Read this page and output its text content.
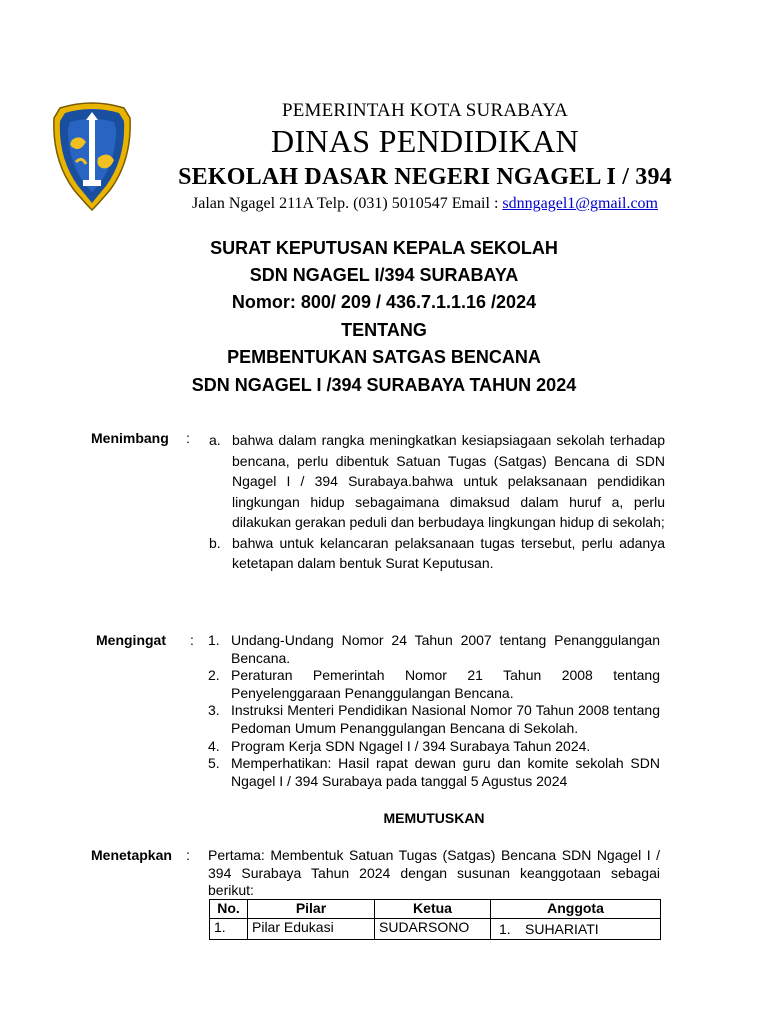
PEMERINTAH KOTA SURABAYA
DINAS PENDIDIKAN
SEKOLAH DASAR NEGERI NGAGEL I / 394
Jalan Ngagel 211A Telp. (031) 5010547 Email : sdnngagel1@gmail.com
SURAT KEPUTUSAN KEPALA SEKOLAH
SDN NGAGEL I/394 SURABAYA
Nomor: 800/ 209 / 436.7.1.1.16 /2024
TENTANG
PEMBENTUKAN SATGAS BENCANA
SDN NGAGEL I /394 SURABAYA TAHUN 2024
Menimbang : a. bahwa dalam rangka meningkatkan kesiapsiagaan sekolah terhadap bencana, perlu dibentuk Satuan Tugas (Satgas) Bencana di SDN Ngagel I / 394 Surabaya.bahwa untuk pelaksanaan pendidikan lingkungan hidup sebagaimana dimaksud dalam huruf a, perlu dilakukan gerakan peduli dan berbudaya lingkungan hidup di sekolah;
b. bahwa untuk kelancaran pelaksanaan tugas tersebut, perlu adanya ketetapan dalam bentuk Surat Keputusan.
Mengingat : 1. Undang-Undang Nomor 24 Tahun 2007 tentang Penanggulangan Bencana.
2. Peraturan Pemerintah Nomor 21 Tahun 2008 tentang Penyelenggaraan Penanggulangan Bencana.
3. Instruksi Menteri Pendidikan Nasional Nomor 70 Tahun 2008 tentang Pedoman Umum Penanggulangan Bencana di Sekolah.
4. Program Kerja SDN Ngagel I / 394 Surabaya Tahun 2024.
5. Memperhatikan: Hasil rapat dewan guru dan komite sekolah SDN Ngagel I / 394 Surabaya pada tanggal 5 Agustus 2024
MEMUTUSKAN
Menetapkan : Pertama: Membentuk Satuan Tugas (Satgas) Bencana SDN Ngagel I / 394 Surabaya Tahun 2024 dengan susunan keanggotaan sebagai berikut:
No.	Pilar	Ketua	Anggota
1.	Pilar Edukasi	SUDARSONO	1. SUHARIATI
